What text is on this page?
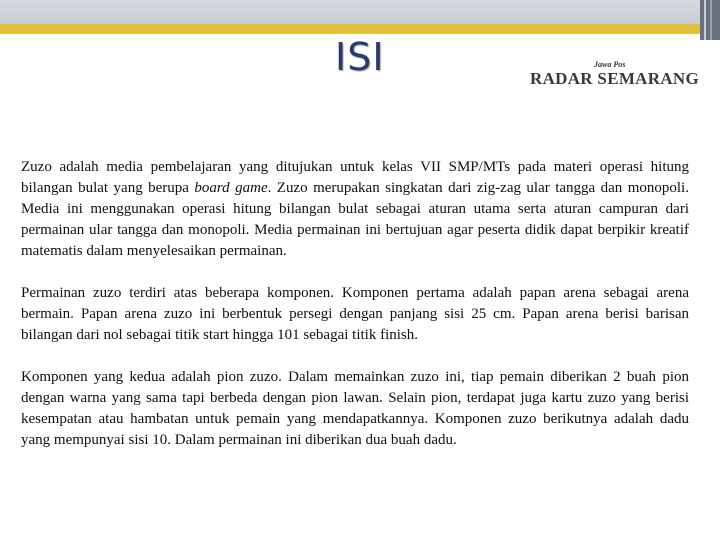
ISI	Jawa Pos
RADAR SEMARANG

Zuzo adalah media pembelajaran yang ditujukan untuk kelas VII SMP/MTs pada materi operasi hitung bilangan bulat yang berupa board game. Zuzo merupakan singkatan dari zig-zag ular tangga dan monopoli. Media ini menggunakan operasi hitung bilangan bulat sebagai aturan utama serta aturan campuran dari permainan ular tangga dan monopoli. Media permainan ini bertujuan agar peserta didik dapat berpikir kreatif matematis dalam menyelesaikan permainan.

Permainan zuzo terdiri atas beberapa komponen. Komponen pertama adalah papan arena sebagai arena bermain. Papan arena zuzo ini berbentuk persegi dengan panjang sisi 25 cm. Papan arena berisi barisan bilangan dari nol sebagai titik start hingga 101 sebagai titik finish.

Komponen yang kedua adalah pion zuzo. Dalam memainkan zuzo ini, tiap pemain diberikan 2 buah pion dengan warna yang sama tapi berbeda dengan pion lawan. Selain pion, terdapat juga kartu zuzo yang berisi kesempatan atau hambatan untuk pemain yang mendapatkannya. Komponen zuzo berikutnya adalah dadu yang mempunyai sisi 10. Dalam permainan ini diberikan dua buah dadu.
